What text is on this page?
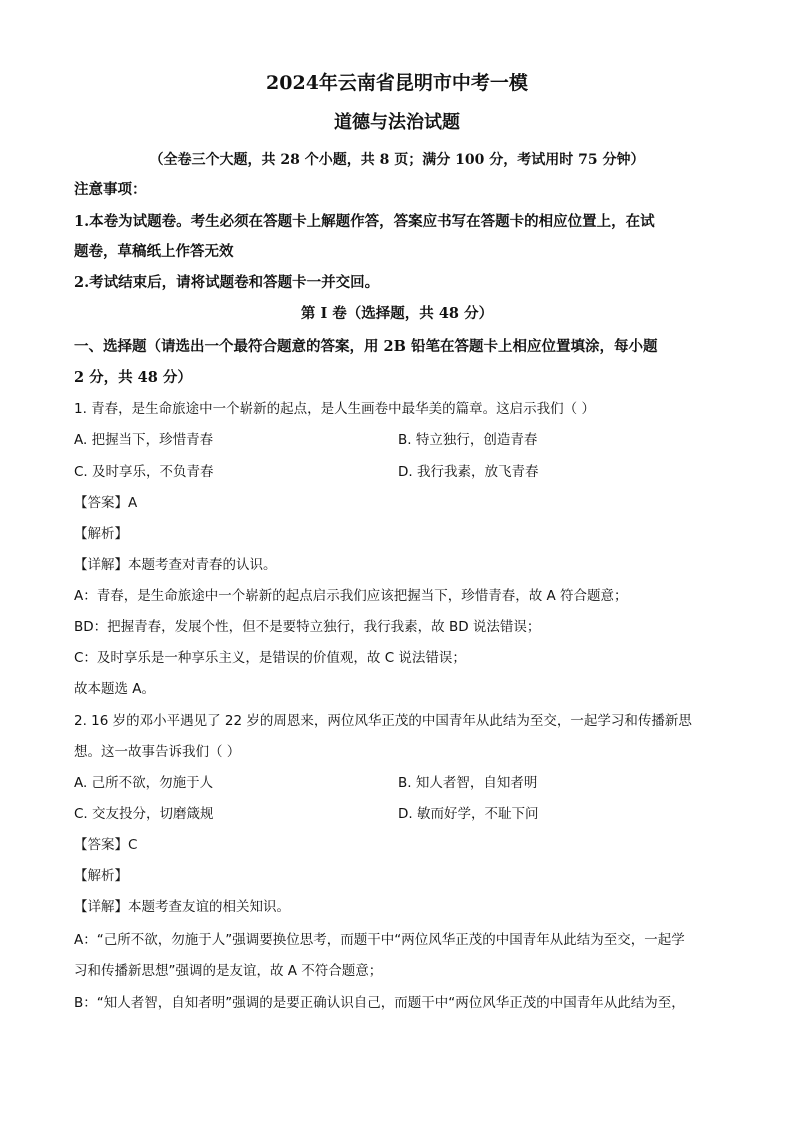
2024年云南省昆明市中考一模
道德与法治试题
（全卷三个大题，共 28 个小题，共 8 页；满分 100 分，考试用时 75 分钟）
注意事项：
1.本卷为试题卷。考生必须在答题卡上解题作答，答案应书写在答题卡的相应位置上，在试
题卷，草稿纸上作答无效
2.考试结束后，请将试题卷和答题卡一并交回。
第 I 卷（选择题，共 48 分）
一、选择题（请选出一个最符合题意的答案，用 2B 铅笔在答题卡上相应位置填涂，每小题
2 分，共 48 分）
1. 青春，是生命旅途中一个崭新的起点，是人生画卷中最华美的篇章。这启示我们（ ）
A. 把握当下，珍惜青春	B. 特立独行，创造青春
C. 及时享乐，不负青春	D. 我行我素，放飞青春
【答案】A
【解析】
【详解】本题考查对青春的认识。
A：青春，是生命旅途中一个崭新的起点启示我们应该把握当下，珍惜青春，故 A 符合题意；
BD：把握青春，发展个性，但不是要特立独行，我行我素，故 BD 说法错误；
C：及时享乐是一种享乐主义，是错误的价值观，故 C 说法错误；
故本题选 A。
2. 16 岁的邓小平遇见了 22 岁的周恩来，两位风华正茂的中国青年从此结为至交，一起学习和传播新思
想。这一故事告诉我们（ ）
A. 己所不欲，勿施于人	B. 知人者智，自知者明
C. 交友投分，切磨箴规	D. 敏而好学，不耻下问
【答案】C
【解析】
【详解】本题考查友谊的相关知识。
A：“己所不欲，勿施于人”强调要换位思考，而题干中“两位风华正茂的中国青年从此结为至交，一起学
习和传播新思想”强调的是友谊，故 A 不符合题意；
B：“知人者智，自知者明”强调的是要正确认识自己，而题干中“两位风华正茂的中国青年从此结为至，
